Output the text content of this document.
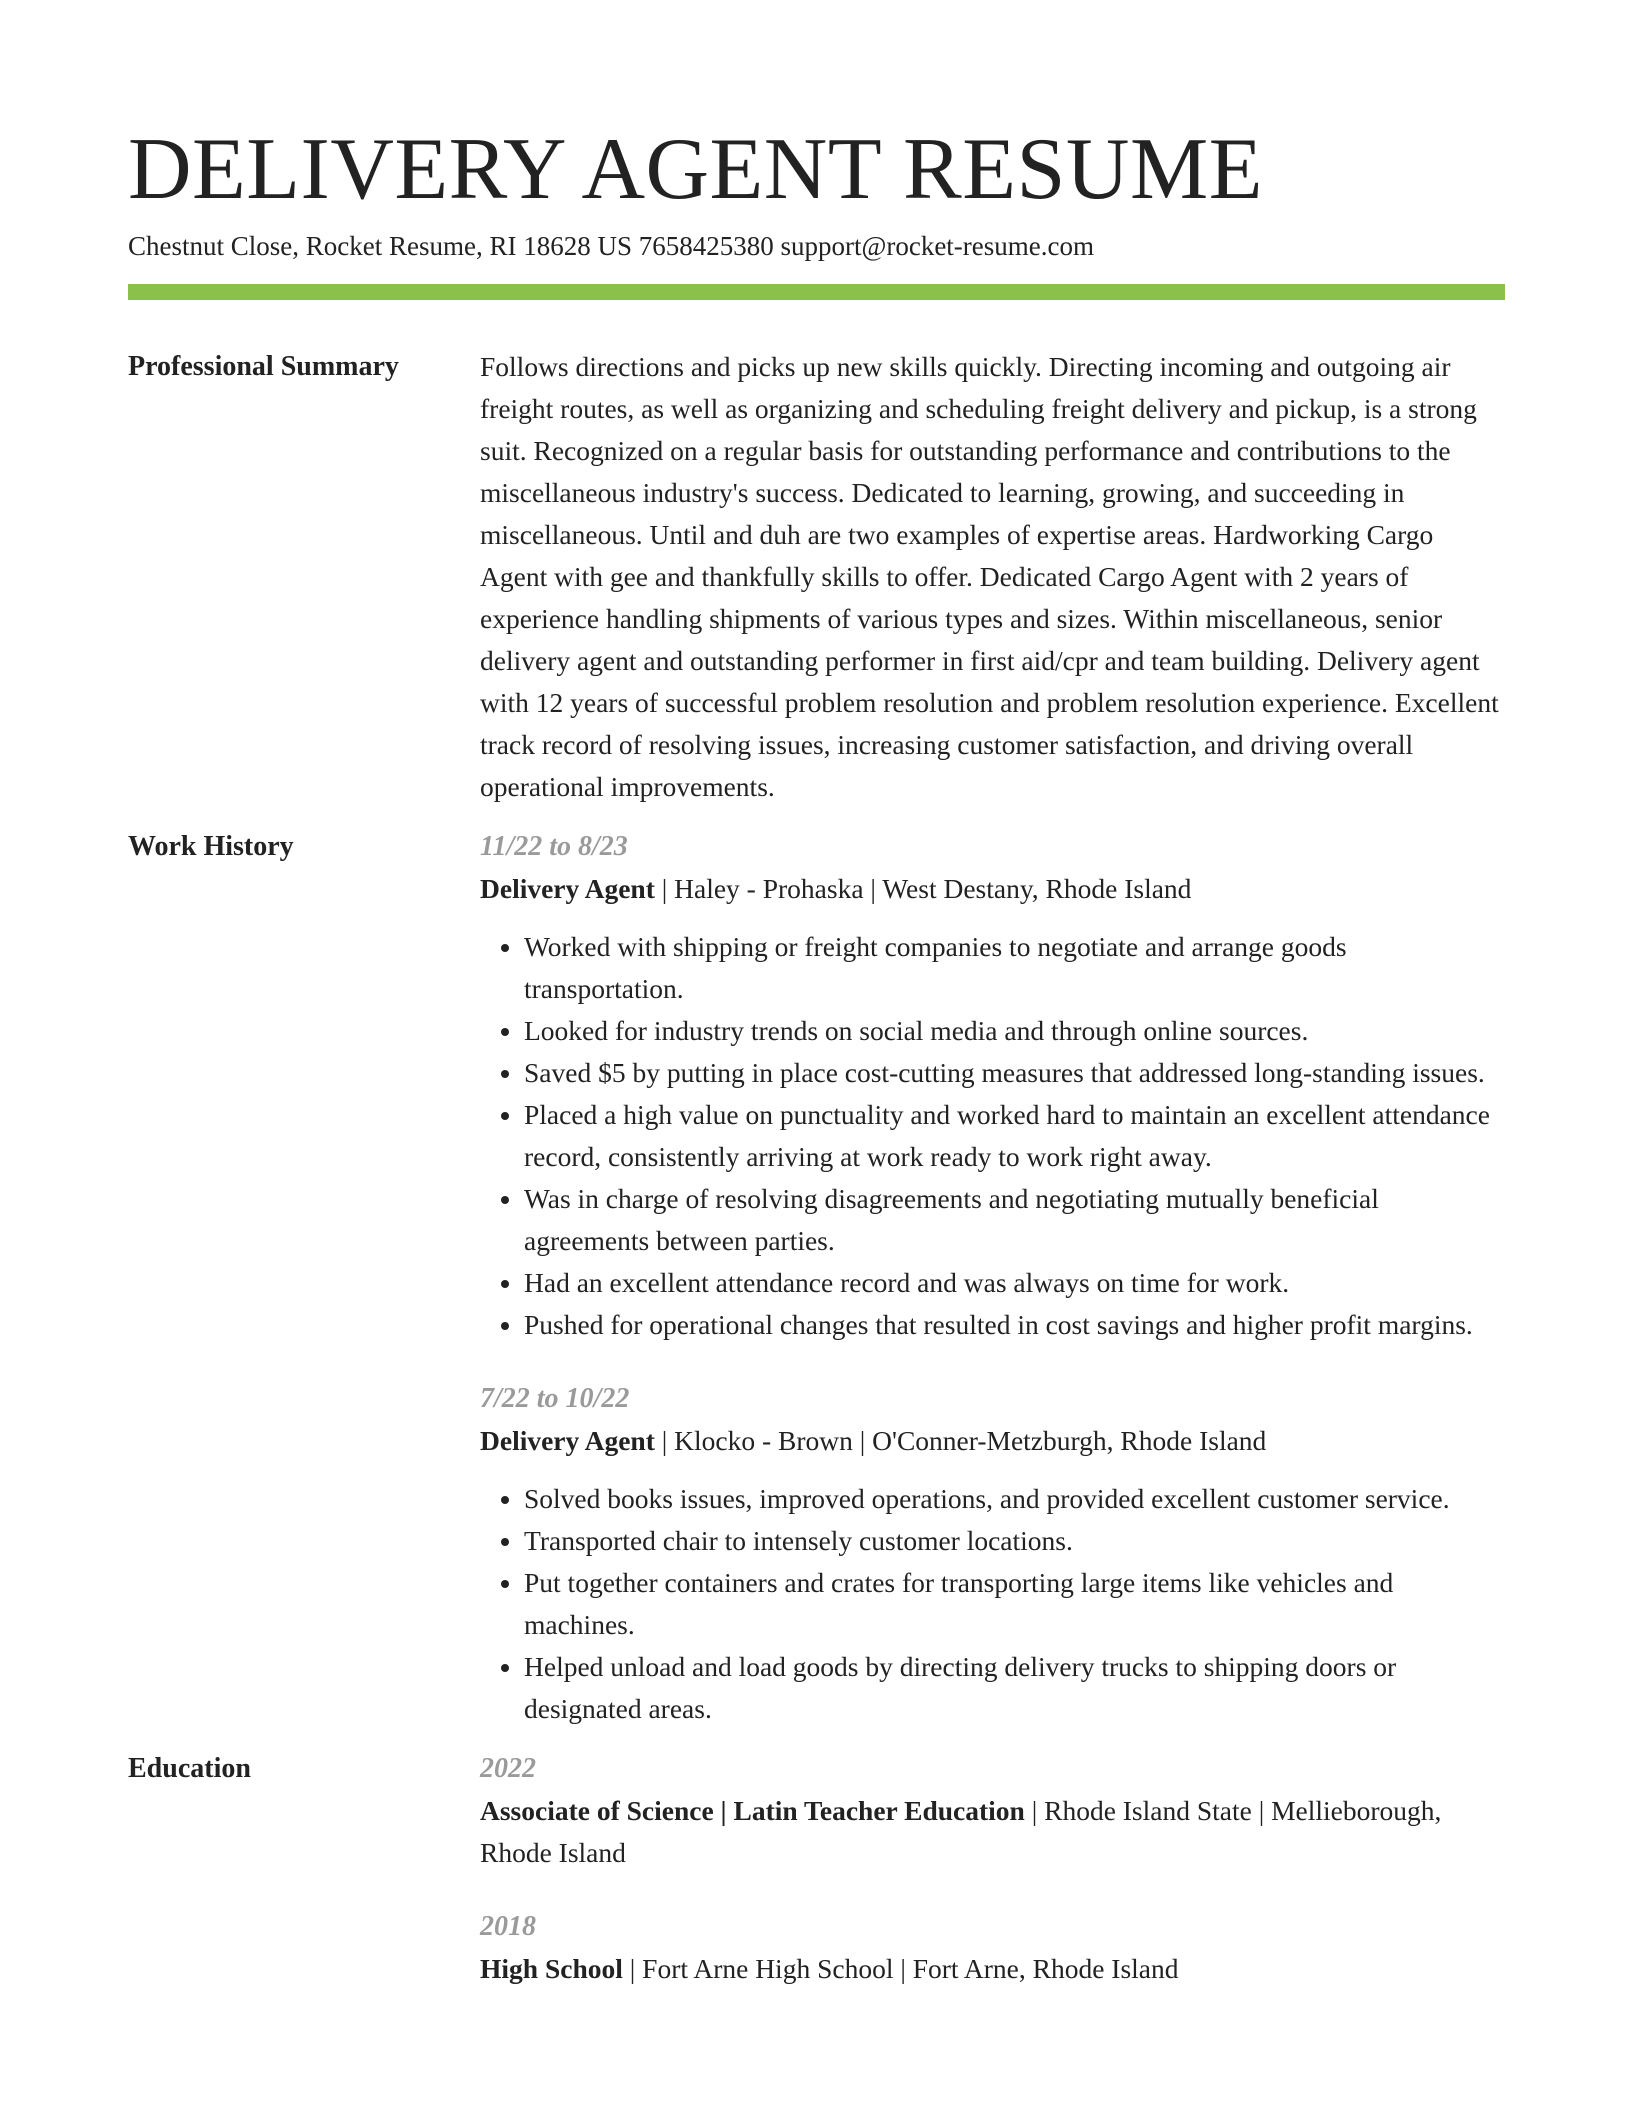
DELIVERY AGENT RESUME
Chestnut Close, Rocket Resume, RI 18628 US 7658425380 support@rocket-resume.com
Professional Summary	Follows directions and picks up new skills quickly. Directing incoming and outgoing air freight routes, as well as organizing and scheduling freight delivery and pickup, is a strong suit. Recognized on a regular basis for outstanding performance and contributions to the miscellaneous industry's success. Dedicated to learning, growing, and succeeding in miscellaneous. Until and duh are two examples of expertise areas. Hardworking Cargo Agent with gee and thankfully skills to offer. Dedicated Cargo Agent with 2 years of experience handling shipments of various types and sizes. Within miscellaneous, senior delivery agent and outstanding performer in first aid/cpr and team building. Delivery agent with 12 years of successful problem resolution and problem resolution experience. Excellent track record of resolving issues, increasing customer satisfaction, and driving overall operational improvements.

Work History	11/22 to 8/23
Delivery Agent | Haley - Prohaska | West Destany, Rhode Island
• Worked with shipping or freight companies to negotiate and arrange goods transportation.
• Looked for industry trends on social media and through online sources.
• Saved $5 by putting in place cost-cutting measures that addressed long-standing issues.
• Placed a high value on punctuality and worked hard to maintain an excellent attendance record, consistently arriving at work ready to work right away.
• Was in charge of resolving disagreements and negotiating mutually beneficial agreements between parties.
• Had an excellent attendance record and was always on time for work.
• Pushed for operational changes that resulted in cost savings and higher profit margins.
7/22 to 10/22
Delivery Agent | Klocko - Brown | O'Conner-Metzburgh, Rhode Island
• Solved books issues, improved operations, and provided excellent customer service.
• Transported chair to intensely customer locations.
• Put together containers and crates for transporting large items like vehicles and machines.
• Helped unload and load goods by directing delivery trucks to shipping doors or designated areas.
Education	2022
Associate of Science | Latin Teacher Education | Rhode Island State | Mellieborough, Rhode Island
2018
High School | Fort Arne High School | Fort Arne, Rhode Island
